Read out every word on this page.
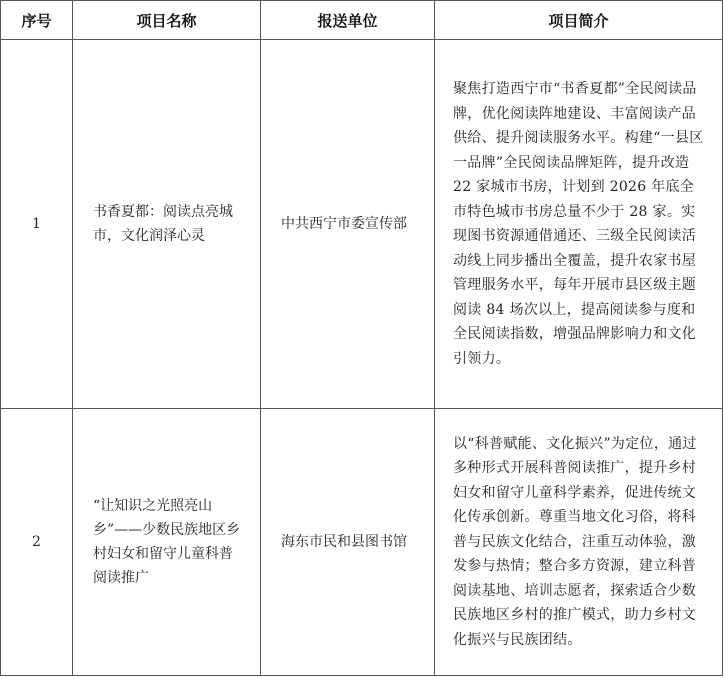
序号	项目名称	报送单位	项目简介
1	书香夏都：阅读点亮城市，文化润泽心灵	中共西宁市委宣传部	聚焦打造西宁市“书香夏都”全民阅读品牌，优化阅读阵地建设、丰富阅读产品供给、提升阅读服务水平。构建“一县区一品牌”全民阅读品牌矩阵，提升改造 22 家城市书房，计划到 2026 年底全市特色城市书房总量不少于 28 家。实现图书资源通借通还、三级全民阅读活动线上同步播出全覆盖，提升农家书屋管理服务水平，每年开展市县区级主题阅读 84 场次以上，提高阅读参与度和全民阅读指数，增强品牌影响力和文化引领力。
2	“让知识之光照亮山乡”——少数民族地区乡村妇女和留守儿童科普阅读推广	海东市民和县图书馆	以“科普赋能、文化振兴”为定位，通过多种形式开展科普阅读推广，提升乡村妇女和留守儿童科学素养，促进传统文化传承创新。尊重当地文化习俗，将科普与民族文化结合，注重互动体验，激发参与热情；整合多方资源，建立科普阅读基地、培训志愿者，探索适合少数民族地区乡村的推广模式，助力乡村文化振兴与民族团结。
